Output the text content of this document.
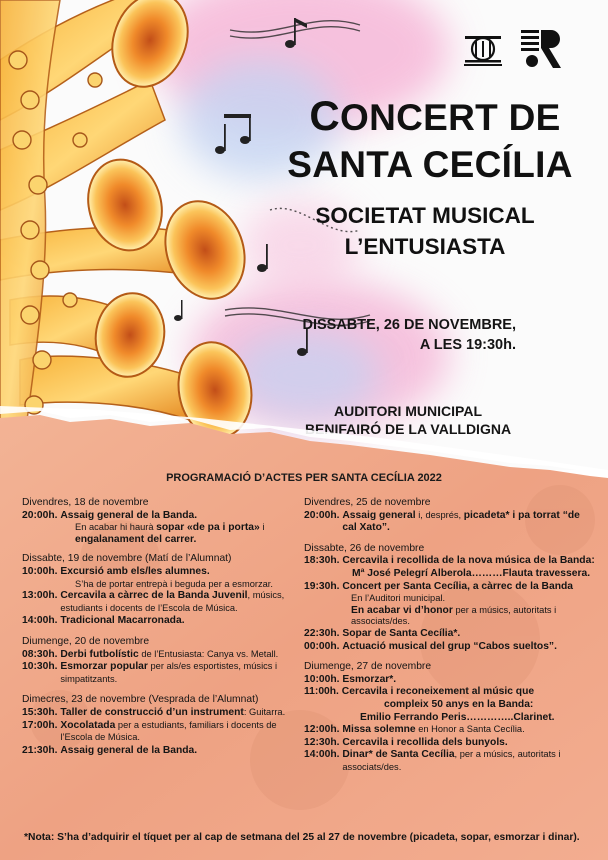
CONCERT DE
SANTA CECÍLIA
SOCIETAT MUSICAL
L’ENTUSIASTA
DISSABTE, 26 DE NOVEMBRE,
A LES 19:30h.
AUDITORI MUNICIPAL
BENIFAIRÓ DE LA VALLDIGNA
PROGRAMACIÓ D’ACTES PER SANTA CECÍLIA 2022
Divendres, 18 de novembre
20:00h.
Assaig general de la Banda.
En acabar hi haurà sopar «de pa i porta» i
engalanament del carrer.
Dissabte, 19 de novembre (Matí de l’Alumnat)
10:00h.
Excursió amb els/les alumnes.
S’ha de portar entrepà i beguda per a esmorzar.
13:00h.
Cercavila a càrrec de la Banda Juvenil, músics, estudiants i docents de l’Escola de Música.
14:00h.
Tradicional Macarronada.
Diumenge, 20 de novembre
08:30h.
Derbi futbolístic de l’Entusiasta: Canya vs. Metall.
10:30h.
Esmorzar popular per als/es esportistes, músics i simpatitzants.
Dimecres, 23 de novembre (Vesprada de l’Alumnat)
15:30h.
Taller de construcció d’un instrument: Guitarra.
17:00h.
Xocolatada per a estudiants, familiars i docents de l’Escola de Música.
21:30h.
Assaig general de la Banda.
Divendres, 25 de novembre
20:00h.
Assaig general i, després, picadeta* i pa torrat “de cal Xato”.
Dissabte, 26 de novembre
18:30h.
Cercavila i recollida de la nova música de la Banda:
Mª José Pelegrí Alberola………Flauta travessera.
19:30h.
Concert per Santa Cecília, a càrrec de la Banda
En l’Auditori municipal.
En acabar vi d’honor per a músics, autoritats i associats/des.
22:30h.
Sopar de Santa Cecília*.
00:00h.
Actuació musical del grup “Cabos sueltos”.
Diumenge, 27 de novembre
10:00h.
Esmorzar*.
11:00h.
Cercavila i reconeixement al músic que
compleix 50 anys en la Banda:
Emilio Ferrando Peris…………..Clarinet.
12:00h.
Missa solemne en Honor a Santa Cecília.
12:30h.
Cercavila i recollida dels bunyols.
14:00h.
Dinar* de Santa Cecília, per a músics, autoritats i associats/des.
*Nota: S’ha d’adquirir el tíquet per al cap de setmana del 25 al 27 de novembre (picadeta, sopar, esmorzar i dinar).
